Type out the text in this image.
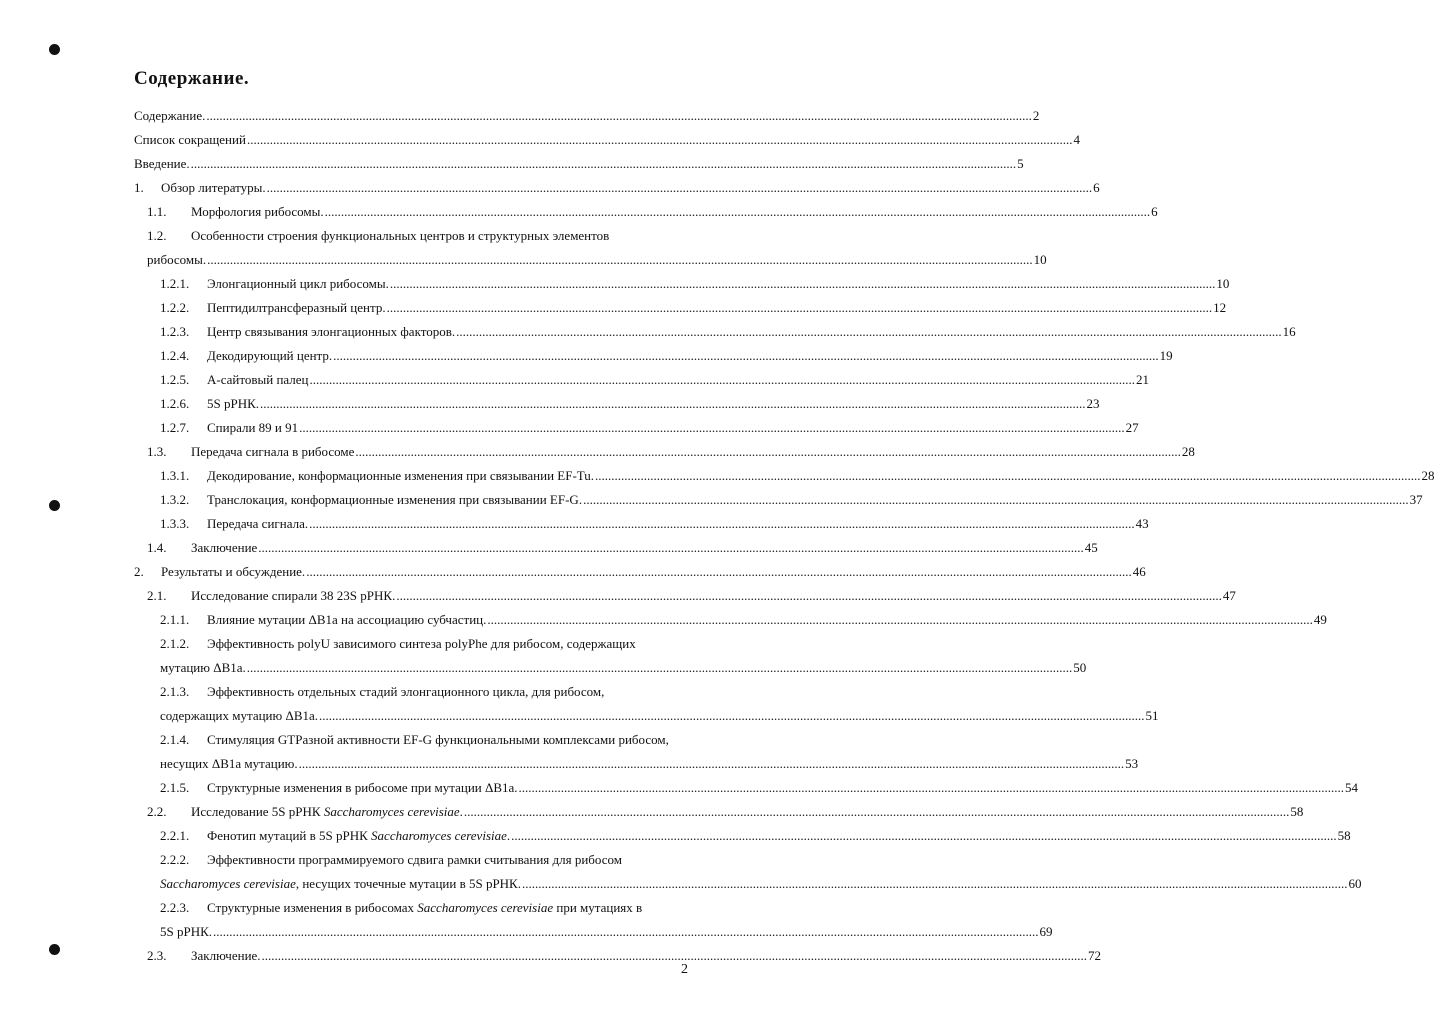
Содержание.
Содержание. .....	2
Список сокращений .....	4
Введение. .....	5
1.	Обзор литературы. .....	6
1.1.	Морфология рибосомы. .....	6
1.2.	Особенности строения функциональных центров и структурных элементов
рибосомы. .....	10
1.2.1.	Элонгационный цикл рибосомы. .....	10
1.2.2.	Пептидилтрансферазный центр. .....	12
1.2.3.	Центр связывания элонгационных факторов. .....	16
1.2.4.	Декодирующий центр. .....	19
1.2.5.	А-сайтовый палец .....	21
1.2.6.	5S рРНК. .....	23
1.2.7.	Спирали 89 и 91 .....	27
1.3.	Передача сигнала в рибосоме .....	28
1.3.1.	Декодирование, конформационные изменения при связывании EF-Tu. .....	28
1.3.2.	Транслокация, конформационные изменения при связывании EF-G. .....	37
1.3.3.	Передача сигнала. .....	43
1.4.	Заключение .....	45
2.	Результаты и обсуждение. .....	46
2.1.	Исследование спирали 38 23S рРНК. .....	47
2.1.1.	Влияние мутации ΔB1a на ассоциацию субчастиц. .....	49
2.1.2.	Эффективность polyU зависимого синтеза polyPhe для рибосом, содержащих
мутацию ΔB1a. .....	50
2.1.3.	Эффективность отдельных стадий элонгационного цикла, для рибосом,
содержащих мутацию ΔB1a. .....	51
2.1.4.	Стимуляция GTPазной активности EF-G функциональными комплексами рибосом,
несущих ΔB1a мутацию. .....	53
2.1.5.	Структурные изменения в рибосоме при мутации ΔB1a. .....	54
2.2.	Исследование 5S рРНК Saccharomyces cerevisiae. .....	58
2.2.1.	Фенотип мутаций в 5S рРНК Saccharomyces cerevisiae. .....	58
2.2.2.	Эффективности программируемого сдвига рамки считывания для рибосом
Saccharomyces cerevisiae, несущих точечные мутации в 5S рРНК. .....	60
2.2.3.	Структурные изменения в рибосомах Saccharomyces cerevisiae при мутациях в
5S рРНК. .....	69
2.3.	Заключение. .....	72
2
